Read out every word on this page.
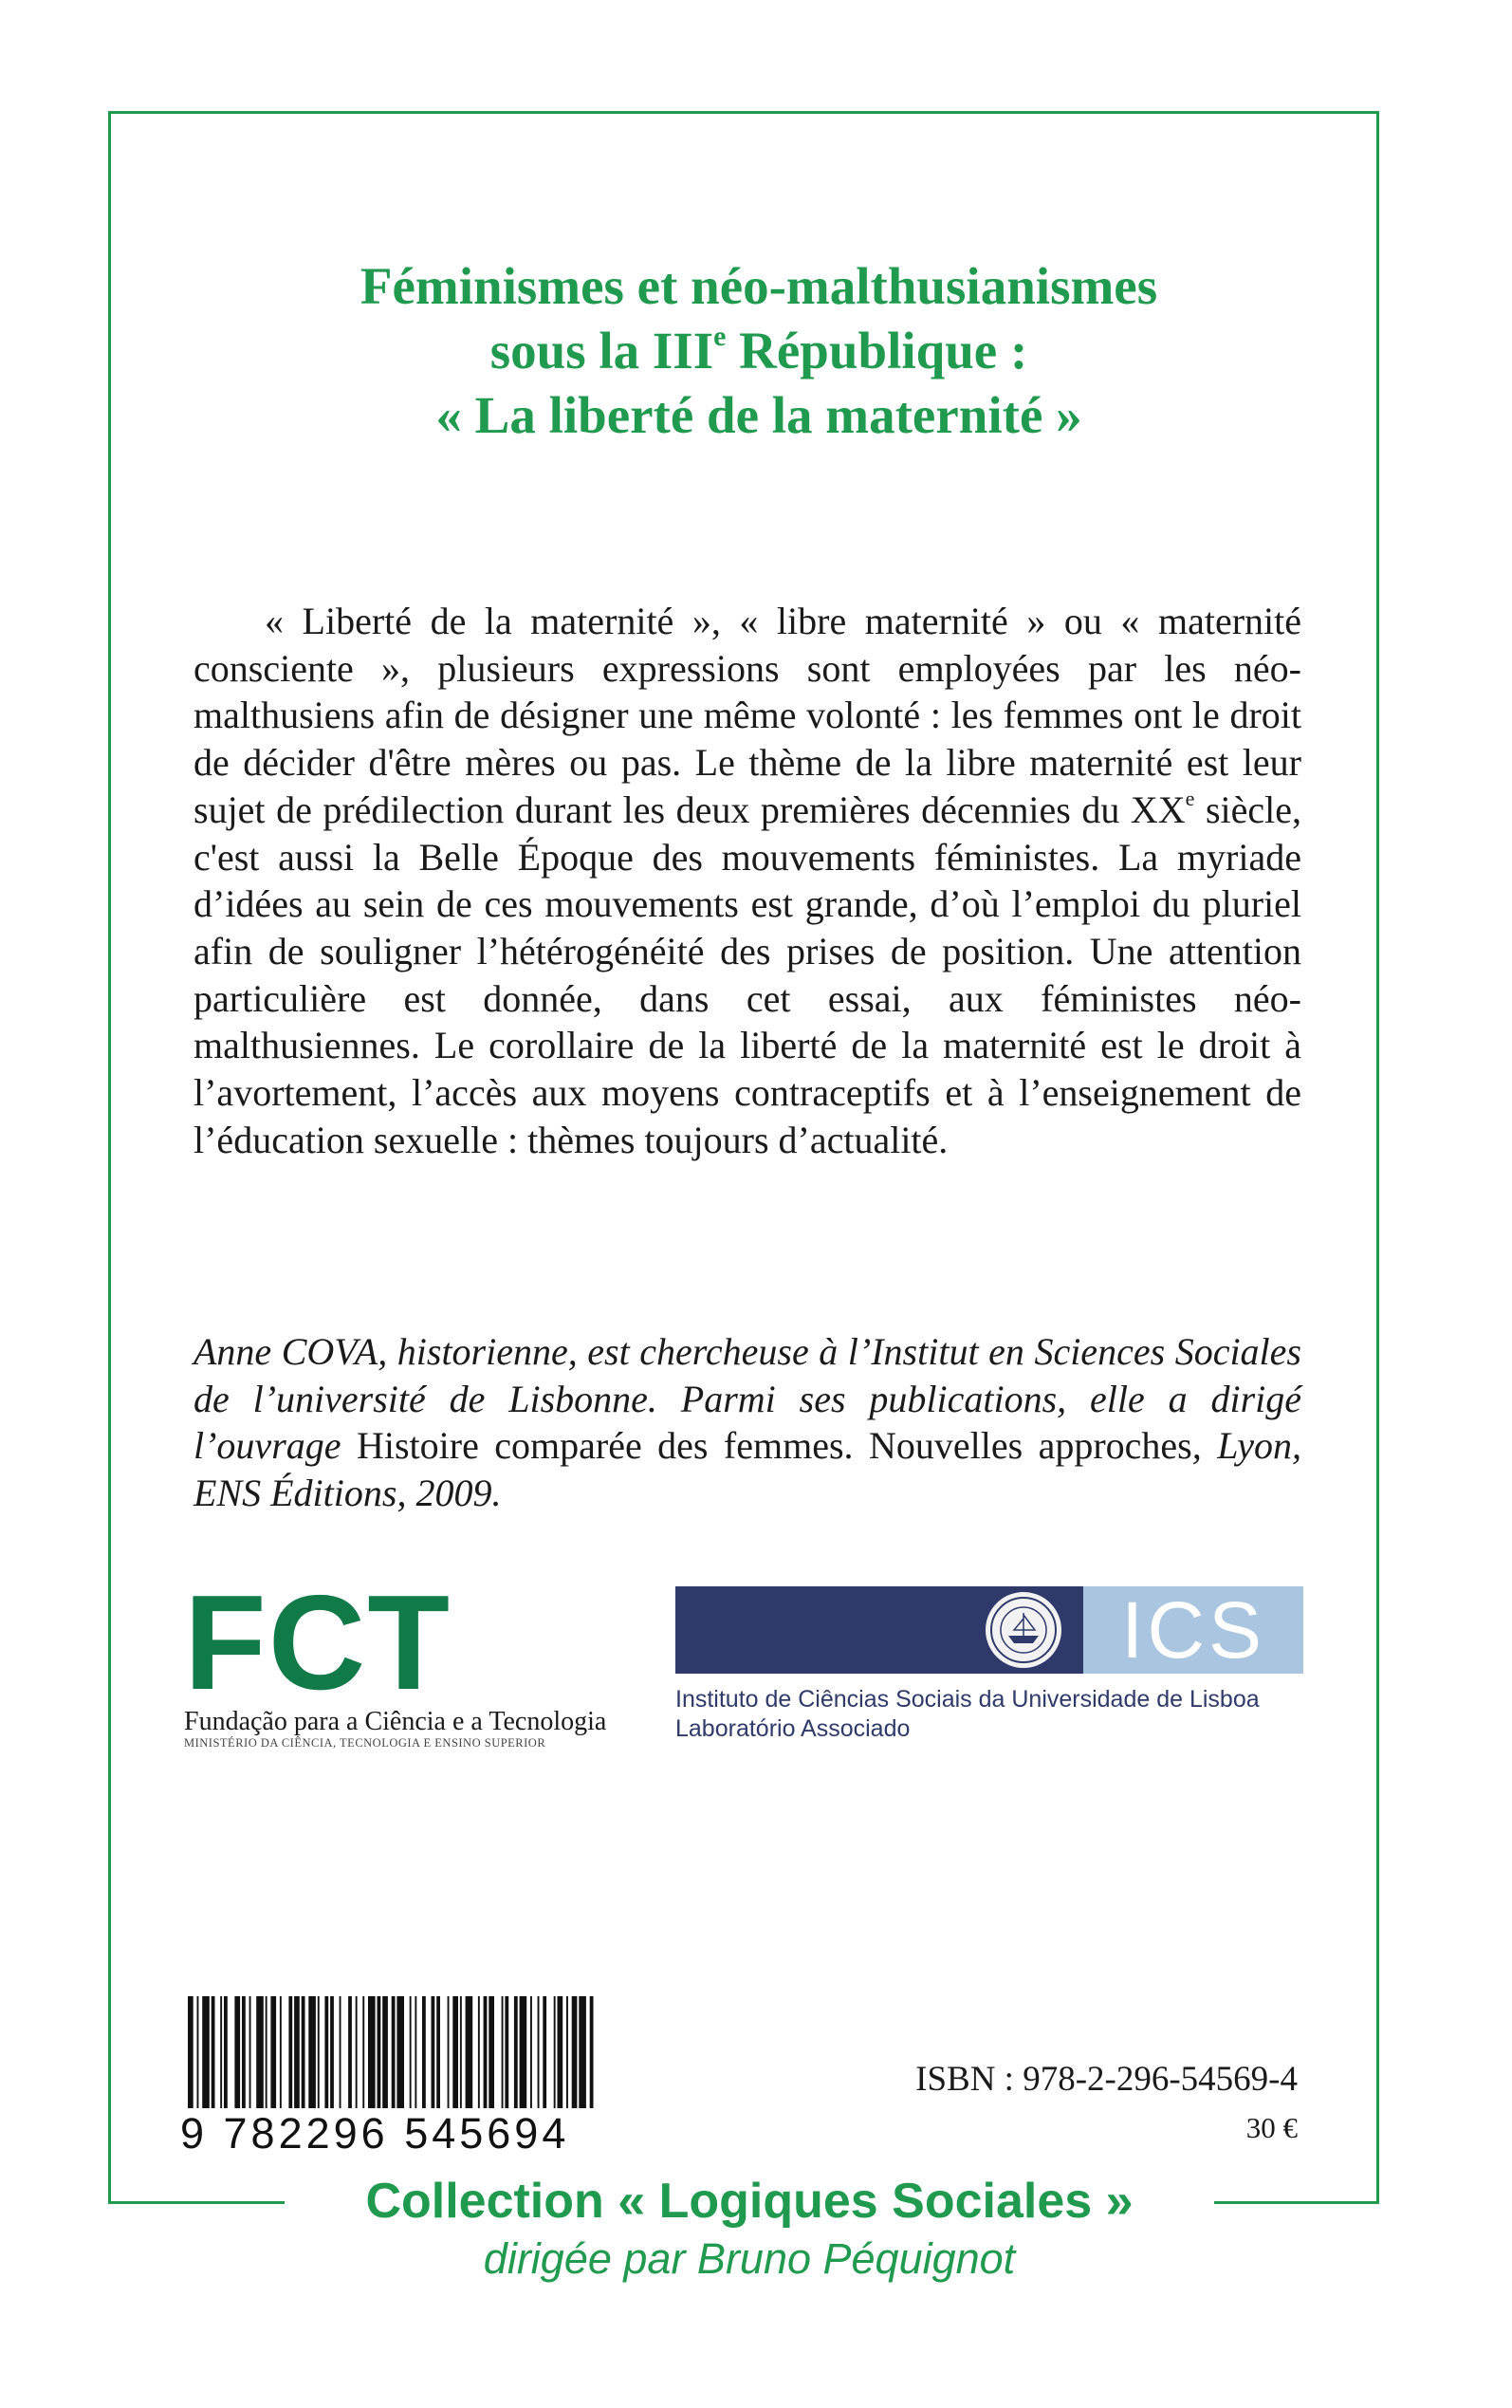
Féminismes et néo-malthusianismes
sous la IIIe République :
« La liberté de la maternité »

« Liberté de la maternité », « libre maternité » ou « maternité consciente », plusieurs expressions sont employées par les néo-malthusiens afin de désigner une même volonté : les femmes ont le droit de décider d'être mères ou pas. Le thème de la libre maternité est leur sujet de prédilection durant les deux premières décennies du XXe siècle, c'est aussi la Belle Époque des mouvements féministes. La myriade d’idées au sein de ces mouvements est grande, d’où l’emploi du pluriel afin de souligner l’hétérogénéité des prises de position. Une attention particulière est donnée, dans cet essai, aux féministes néo-malthusiennes. Le corollaire de la liberté de la maternité est le droit à l’avortement, l’accès aux moyens contraceptifs et à l’enseignement de l’éducation sexuelle : thèmes toujours d’actualité.

Anne COVA, historienne, est chercheuse à l’Institut en Sciences Sociales de l’université de Lisbonne. Parmi ses publications, elle a dirigé l’ouvrage Histoire comparée des femmes. Nouvelles approches, Lyon, ENS Éditions, 2009.

FCT
Fundação para a Ciência e a Tecnologia
MINISTÉRIO DA CIÊNCIA, TECNOLOGIA E ENSINO SUPERIOR
ICS
Instituto de Ciências Sociais da Universidade de Lisboa
Laboratório Associado
9 782296 545694
ISBN : 978-2-296-54569-4
30 €
Collection « Logiques Sociales »
dirigée par Bruno Péquignot
